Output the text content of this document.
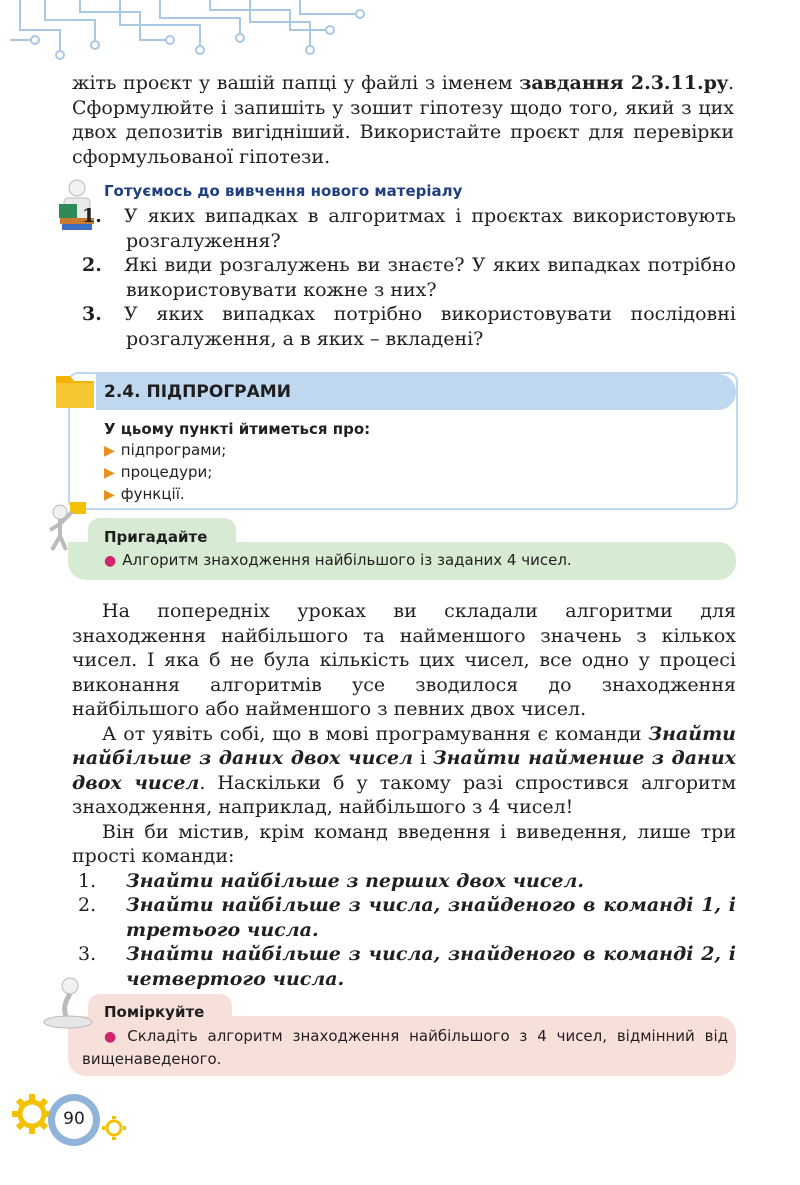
жіть проєкт у вашій папці у файлі з іменем завдання 2.3.11.py. Сформулюйте і запишіть у зошит гіпотезу щодо того, який з цих двох депозитів вигідніший. Використайте проєкт для перевірки сформульованої гіпотези.

Готуємось до вивчення нового матеріалу
1. У яких випадках в алгоритмах і проєктах використовують розгалуження?
2. Які види розгалужень ви знаєте? У яких випадках потрібно використовувати кожне з них?
3. У яких випадках потрібно використовувати послідовні розгалуження, а в яких – вкладені?
2.4. ПІДПРОГРАМИ
У цьому пункті йтиметься про:
▶ підпрограми;
▶ процедури;
▶ функції.
Пригадайте
● Алгоритм знаходження найбільшого із заданих 4 чисел.

На попередніх уроках ви складали алгоритми для знаходження найбільшого та найменшого значень з кількох чисел. І яка б не була кількість цих чисел, все одно у процесі виконання алгоритмів усе зводилося до знаходження найбільшого або найменшого з певних двох чисел.

А от уявіть собі, що в мові програмування є команди Знайти найбільше з даних двох чисел і Знайти найменше з даних двох чисел. Наскільки б у такому разі спростився алгоритм знаходження, наприклад, найбільшого з 4 чисел!

Він би містив, крім команд введення і виведення, лише три прості команди:

1. Знайти найбільше з перших двох чисел.
2. Знайти найбільше з числа, знайденого в команді 1, і третього числа.
3. Знайти найбільше з числа, знайденого в команді 2, і четвертого числа.
Поміркуйте
● Складіть алгоритм знаходження найбільшого з 4 чисел, відмінний від вищенаведеного.
90
